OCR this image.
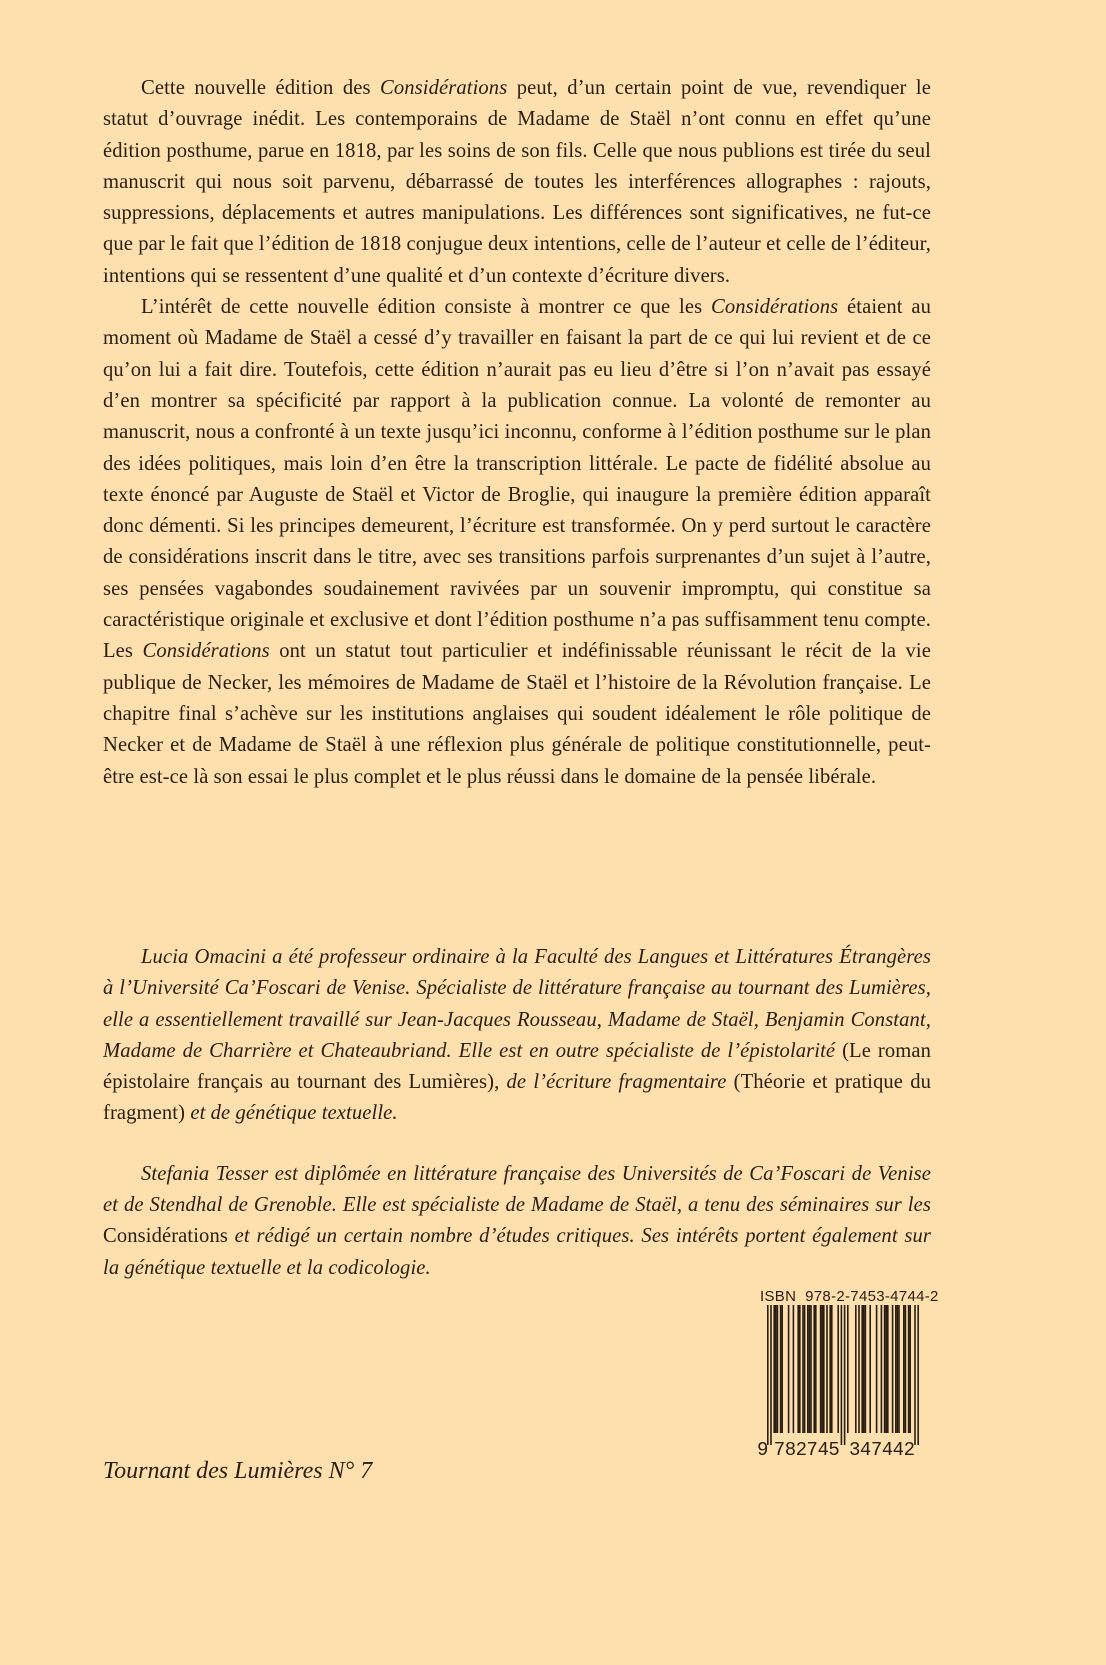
Cette nouvelle édition des Considérations peut, d’un certain point de vue, revendiquer le statut d’ouvrage inédit. Les contemporains de Madame de Staël n’ont connu en effet qu’une édition posthume, parue en 1818, par les soins de son fils. Celle que nous publions est tirée du seul manuscrit qui nous soit parvenu, débarrassé de toutes les interférences allographes : rajouts, suppressions, déplacements et autres manipulations. Les différences sont significatives, ne fut-ce que par le fait que l’édition de 1818 conjugue deux intentions, celle de l’auteur et celle de l’éditeur, intentions qui se ressentent d’une qualité et d’un contexte d’écriture divers.

L’intérêt de cette nouvelle édition consiste à montrer ce que les Considérations étaient au moment où Madame de Staël a cessé d’y travailler en faisant la part de ce qui lui revient et de ce qu’on lui a fait dire. Toutefois, cette édition n’aurait pas eu lieu d’être si l’on n’avait pas essayé d’en montrer sa spécificité par rapport à la publication connue. La volonté de remonter au manuscrit, nous a confronté à un texte jusqu’ici inconnu, conforme à l’édition posthume sur le plan des idées politiques, mais loin d’en être la transcription littérale. Le pacte de fidélité absolue au texte énoncé par Auguste de Staël et Victor de Broglie, qui inaugure la première édition apparaît donc démenti. Si les principes demeurent, l’écriture est transformée. On y perd surtout le caractère de considérations inscrit dans le titre, avec ses transitions parfois surprenantes d’un sujet à l’autre, ses pensées vagabondes soudainement ravivées par un souvenir impromptu, qui constitue sa caractéristique originale et exclusive et dont l’édition posthume n’a pas suffisamment tenu compte. Les Considérations ont un statut tout particulier et indéfinissable réunissant le récit de la vie publique de Necker, les mémoires de Madame de Staël et l’histoire de la Révolution française. Le chapitre final s’achève sur les institutions anglaises qui soudent idéalement le rôle politique de Necker et de Madame de Staël à une réflexion plus générale de politique constitutionnelle, peut-être est-ce là son essai le plus complet et le plus réussi dans le domaine de la pensée libérale.

Lucia Omacini a été professeur ordinaire à la Faculté des Langues et Littératures Étrangères à l’Université Ca’Foscari de Venise. Spécialiste de littérature française au tournant des Lumières, elle a essentiellement travaillé sur Jean-Jacques Rousseau, Madame de Staël, Benjamin Constant, Madame de Charrière et Chateaubriand. Elle est en outre spécialiste de l’épistolarité (Le roman épistolaire français au tournant des Lumières), de l’écriture fragmentaire (Théorie et pratique du fragment) et de génétique textuelle.

Stefania Tesser est diplômée en littérature française des Universités de Ca’Foscari de Venise et de Stendhal de Grenoble. Elle est spécialiste de Madame de Staël, a tenu des séminaires sur les Considérations et rédigé un certain nombre d’études critiques. Ses intérêts portent également sur la génétique textuelle et la codicologie.

ISBN  978-2-7453-4744-2
9 782745 347442
Tournant des Lumières N° 7
